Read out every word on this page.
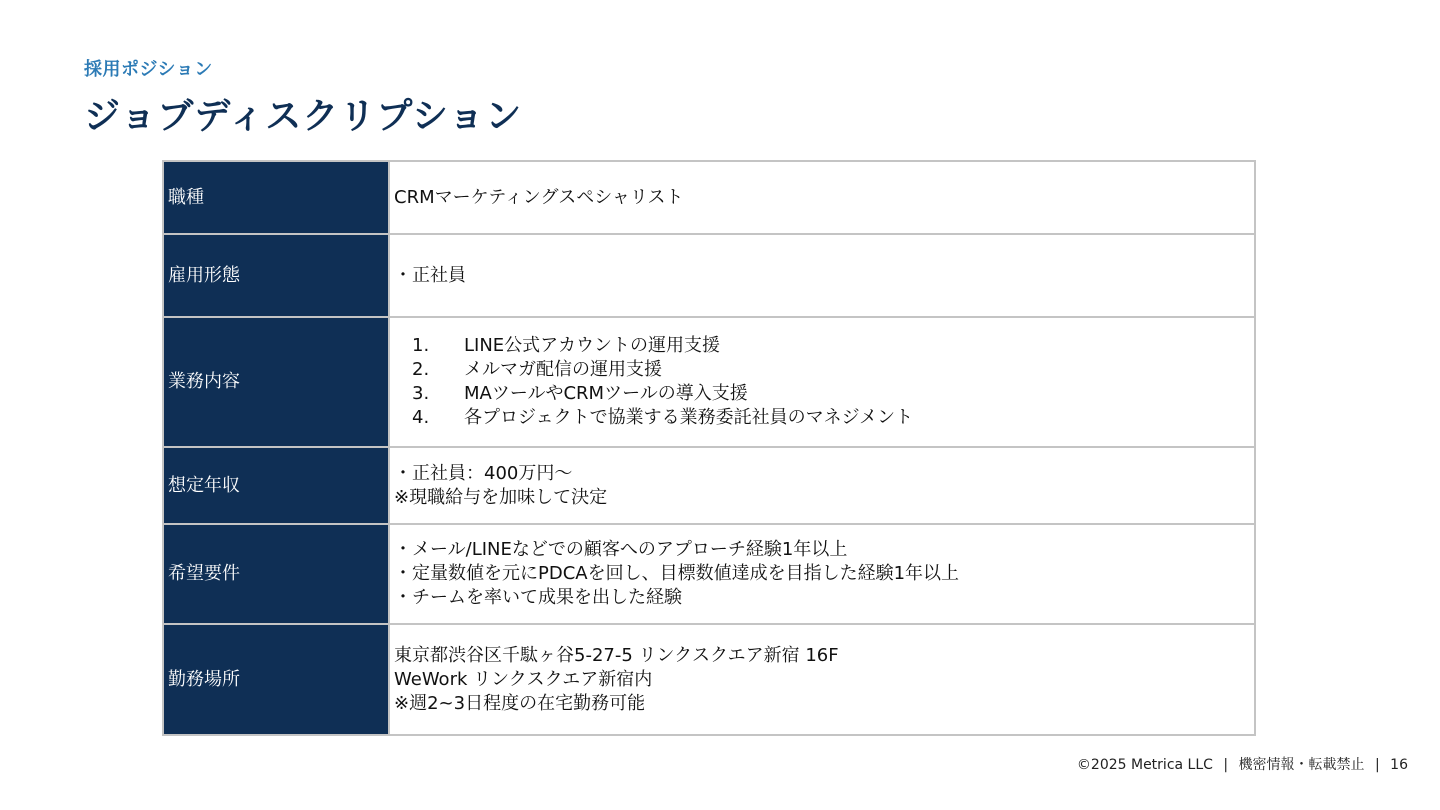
採用ポジション
ジョブディスクリプション
職種	CRMマーケティングスペシャリスト

雇用形態	・正社員

業務内容	1. LINE公式アカウントの運用支援
2. メルマガ配信の運用支援
3. MAツールやCRMツールの導入支援
4. 各プロジェクトで協業する業務委託社員のマネジメント

想定年収	・正社員：400万円～
※現職給与を加味して決定

希望要件	・メール/LINEなどでの顧客へのアプローチ経験1年以上
・定量数値を元にPDCAを回し、目標数値達成を目指した経験1年以上
・チームを率いて成果を出した経験

勤務場所	東京都渋谷区千駄ヶ谷5-27-5 リンクスクエア新宿 16F
WeWork リンクスクエア新宿内
※週2~3日程度の在宅勤務可能
©2025 Metrica LLC | 機密情報・転載禁止 | 16
